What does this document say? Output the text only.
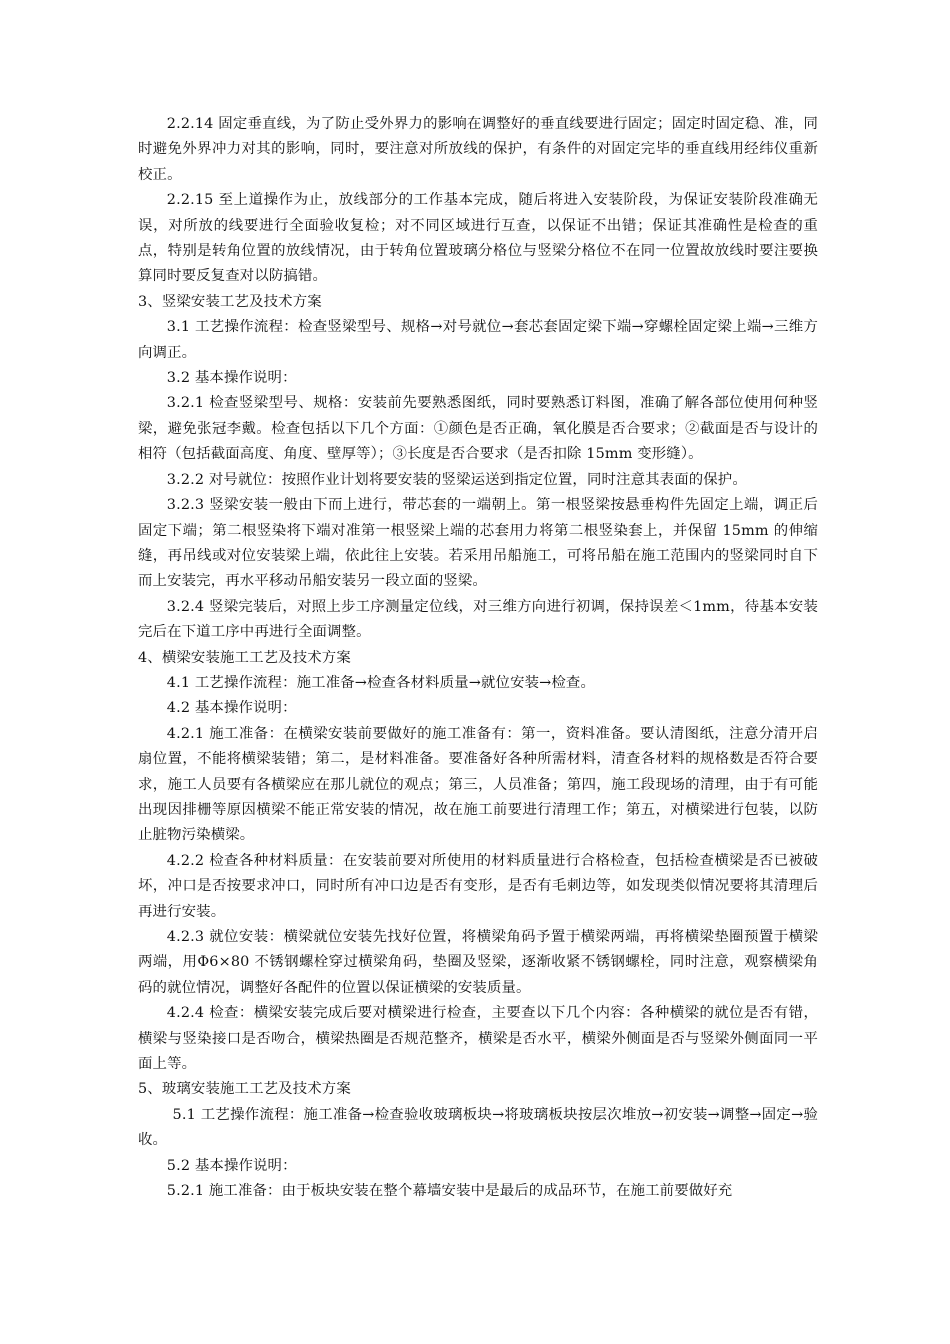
2.2.14 固定垂直线，为了防止受外界力的影响在调整好的垂直线要进行固定；固定时固定稳、准，同时避免外界冲力对其的影响，同时，要注意对所放线的保护，有条件的对固定完毕的垂直线用经纬仪重新校正。

2.2.15 至上道操作为止，放线部分的工作基本完成，随后将进入安装阶段，为保证安装阶段准确无误，对所放的线要进行全面验收复检；对不同区域进行互查，以保证不出错；保证其准确性是检查的重点，特别是转角位置的放线情况，由于转角位置玻璃分格位与竖梁分格位不在同一位置故放线时要注要换算同时要反复查对以防搞错。

3、竖梁安装工艺及技术方案

3.1 工艺操作流程：检查竖梁型号、规格→对号就位→套芯套固定梁下端→穿螺栓固定梁上端→三维方向调正。

3.2 基本操作说明：

3.2.1 检查竖梁型号、规格：安装前先要熟悉图纸，同时要熟悉订料图，准确了解各部位使用何种竖梁，避免张冠李戴。检查包括以下几个方面：①颜色是否正确，氧化膜是否合要求；②截面是否与设计的相符（包括截面高度、角度、壁厚等）；③长度是否合要求（是否扣除 15mm 变形缝）。

3.2.2 对号就位：按照作业计划将要安装的竖梁运送到指定位置，同时注意其表面的保护。

3.2.3 竖梁安装一般由下而上进行，带芯套的一端朝上。第一根竖梁按悬垂构件先固定上端，调正后固定下端；第二根竖染将下端对准第一根竖梁上端的芯套用力将第二根竖染套上，并保留 15mm 的伸缩缝，再吊线或对位安装梁上端，依此往上安装。若采用吊船施工，可将吊船在施工范围内的竖梁同时自下而上安装完，再水平移动吊船安装另一段立面的竖梁。

3.2.4 竖梁完装后，对照上步工序测量定位线，对三维方向进行初调，保持误差＜1mm，待基本安装完后在下道工序中再进行全面调整。

4、横梁安装施工工艺及技术方案

4.1 工艺操作流程：施工准备→检查各材料质量→就位安装→检查。

4.2 基本操作说明：

4.2.1 施工准备：在横梁安装前要做好的施工准备有：第一，资料准备。要认清图纸，注意分清开启扇位置，不能将横梁装错；第二，是材料准备。要准备好各种所需材料，清查各材料的规格数是否符合要求，施工人员要有各横梁应在那儿就位的观点；第三，人员准备；第四，施工段现场的清理，由于有可能出现因排栅等原因横梁不能正常安装的情况，故在施工前要进行清理工作；第五，对横梁进行包装，以防止脏物污染横梁。

4.2.2 检查各种材料质量：在安装前要对所使用的材料质量进行合格检查，包括检查横梁是否已被破坏，冲口是否按要求冲口，同时所有冲口边是否有变形，是否有毛刺边等，如发现类似情况要将其清理后再进行安装。

4.2.3 就位安装：横梁就位安装先找好位置，将横梁角码予置于横梁两端，再将横梁垫圈预置于横梁两端，用Φ6×80 不锈钢螺栓穿过横梁角码，垫圈及竖梁，逐渐收紧不锈钢螺栓，同时注意，观察横梁角码的就位情况，调整好各配件的位置以保证横梁的安装质量。

4.2.4 检查：横梁安装完成后要对横梁进行检查，主要查以下几个内容：各种横梁的就位是否有错，横梁与竖染接口是否吻合，横梁热圈是否规范整齐，横梁是否水平，横梁外侧面是否与竖梁外侧面同一平面上等。

5、玻璃安装施工工艺及技术方案

5.1 工艺操作流程：施工准备→检查验收玻璃板块→将玻璃板块按层次堆放→初安装→调整→固定→验收。

5.2 基本操作说明：

5.2.1 施工准备：由于板块安装在整个幕墙安装中是最后的成品环节，在施工前要做好充
